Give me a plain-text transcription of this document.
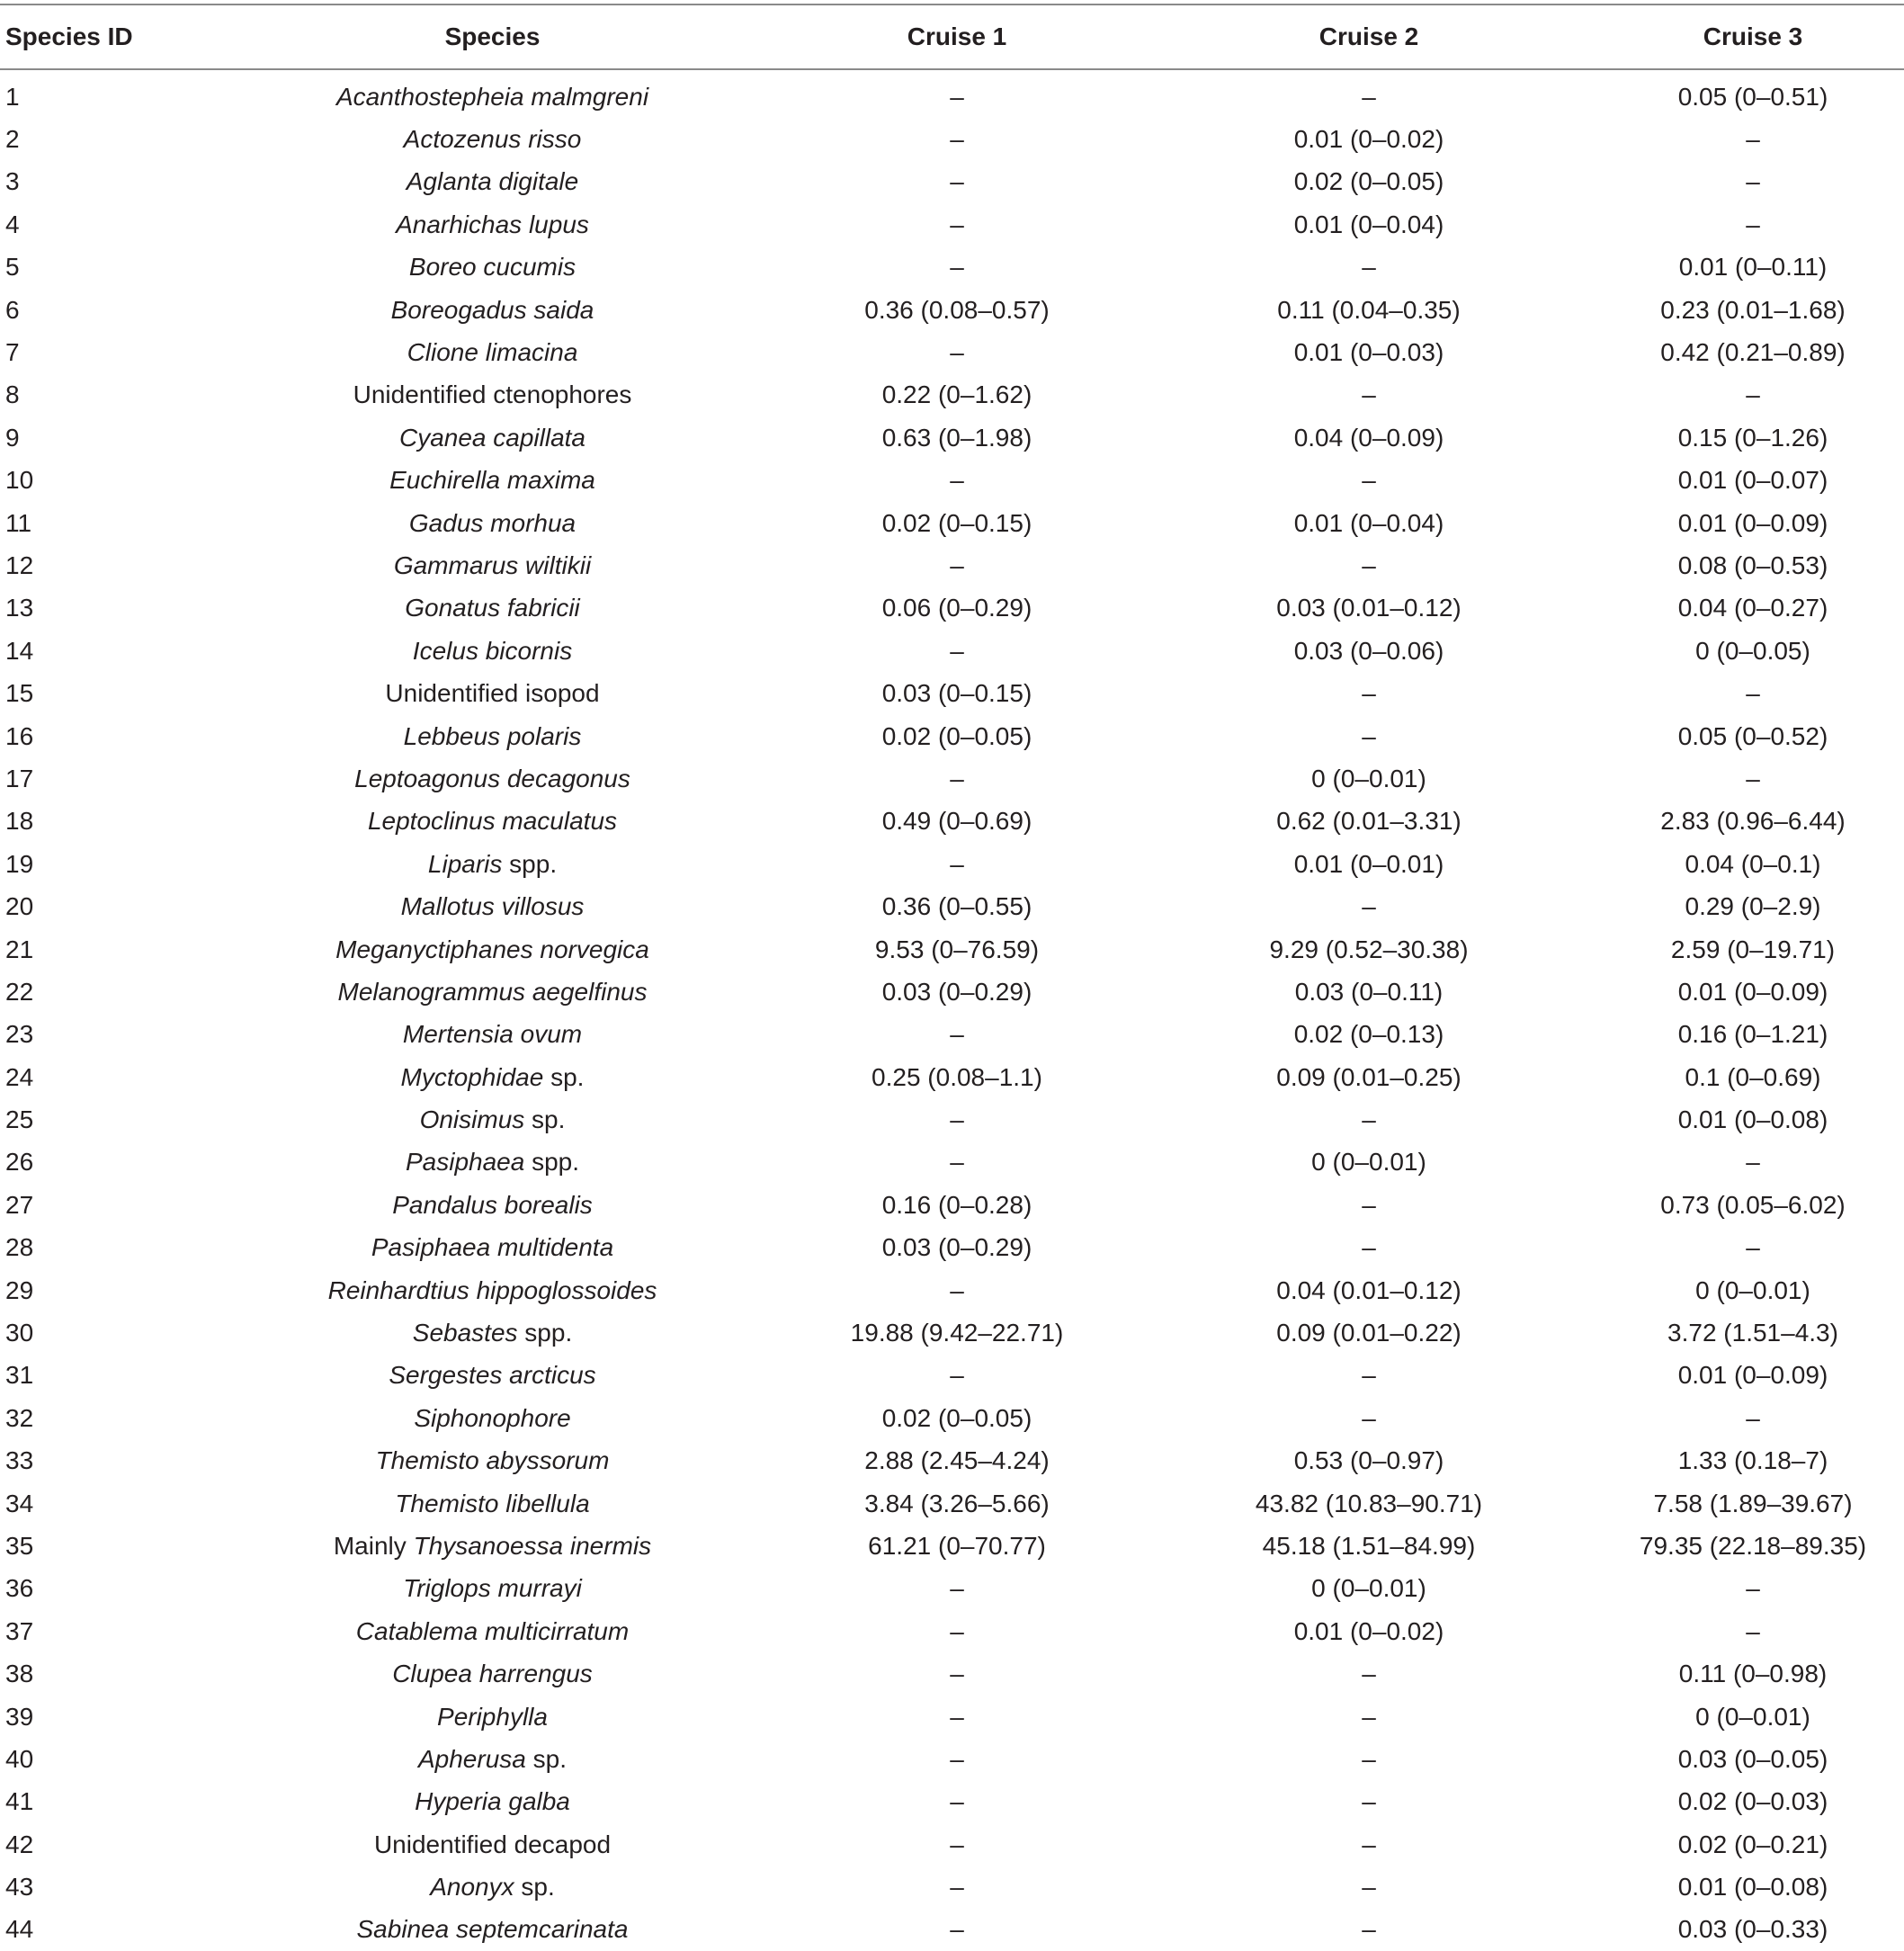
Species ID	Species	Cruise 1	Cruise 2	Cruise 3

1	Acanthostepheia malmgreni	–	–	0.05 (0–0.51)
2	Actozenus risso	–	0.01 (0–0.02)	–
3	Aglanta digitale	–	0.02 (0–0.05)	–
4	Anarhichas lupus	–	0.01 (0–0.04)	–
5	Boreo cucumis	–	–	0.01 (0–0.11)
6	Boreogadus saida	0.36 (0.08–0.57)	0.11 (0.04–0.35)	0.23 (0.01–1.68)
7	Clione limacina	–	0.01 (0–0.03)	0.42 (0.21–0.89)
8	Unidentified ctenophores	0.22 (0–1.62)	–	–
9	Cyanea capillata	0.63 (0–1.98)	0.04 (0–0.09)	0.15 (0–1.26)
10	Euchirella maxima	–	–	0.01 (0–0.07)
11	Gadus morhua	0.02 (0–0.15)	0.01 (0–0.04)	0.01 (0–0.09)
12	Gammarus wiltikii	–	–	0.08 (0–0.53)
13	Gonatus fabricii	0.06 (0–0.29)	0.03 (0.01–0.12)	0.04 (0–0.27)
14	Icelus bicornis	–	0.03 (0–0.06)	0 (0–0.05)
15	Unidentified isopod	0.03 (0–0.15)	–	–
16	Lebbeus polaris	0.02 (0–0.05)	–	0.05 (0–0.52)
17	Leptoagonus decagonus	–	0 (0–0.01)	–
18	Leptoclinus maculatus	0.49 (0–0.69)	0.62 (0.01–3.31)	2.83 (0.96–6.44)
19	Liparis spp.	–	0.01 (0–0.01)	0.04 (0–0.1)
20	Mallotus villosus	0.36 (0–0.55)	–	0.29 (0–2.9)
21	Meganyctiphanes norvegica	9.53 (0–76.59)	9.29 (0.52–30.38)	2.59 (0–19.71)
22	Melanogrammus aegelfinus	0.03 (0–0.29)	0.03 (0–0.11)	0.01 (0–0.09)
23	Mertensia ovum	–	0.02 (0–0.13)	0.16 (0–1.21)
24	Myctophidae sp.	0.25 (0.08–1.1)	0.09 (0.01–0.25)	0.1 (0–0.69)
25	Onisimus sp.	–	–	0.01 (0–0.08)
26	Pasiphaea spp.	–	0 (0–0.01)	–
27	Pandalus borealis	0.16 (0–0.28)	–	0.73 (0.05–6.02)
28	Pasiphaea multidenta	0.03 (0–0.29)	–	–
29	Reinhardtius hippoglossoides	–	0.04 (0.01–0.12)	0 (0–0.01)
30	Sebastes spp.	19.88 (9.42–22.71)	0.09 (0.01–0.22)	3.72 (1.51–4.3)
31	Sergestes arcticus	–	–	0.01 (0–0.09)
32	Siphonophore	0.02 (0–0.05)	–	–
33	Themisto abyssorum	2.88 (2.45–4.24)	0.53 (0–0.97)	1.33 (0.18–7)
34	Themisto libellula	3.84 (3.26–5.66)	43.82 (10.83–90.71)	7.58 (1.89–39.67)
35	Mainly Thysanoessa inermis	61.21 (0–70.77)	45.18 (1.51–84.99)	79.35 (22.18–89.35)
36	Triglops murrayi	–	0 (0–0.01)	–
37	Catablema multicirratum	–	0.01 (0–0.02)	–
38	Clupea harrengus	–	–	0.11 (0–0.98)
39	Periphylla	–	–	0 (0–0.01)
40	Apherusa sp.	–	–	0.03 (0–0.05)
41	Hyperia galba	–	–	0.02 (0–0.03)
42	Unidentified decapod	–	–	0.02 (0–0.21)
43	Anonyx sp.	–	–	0.01 (0–0.08)
44	Sabinea septemcarinata	–	–	0.03 (0–0.33)
